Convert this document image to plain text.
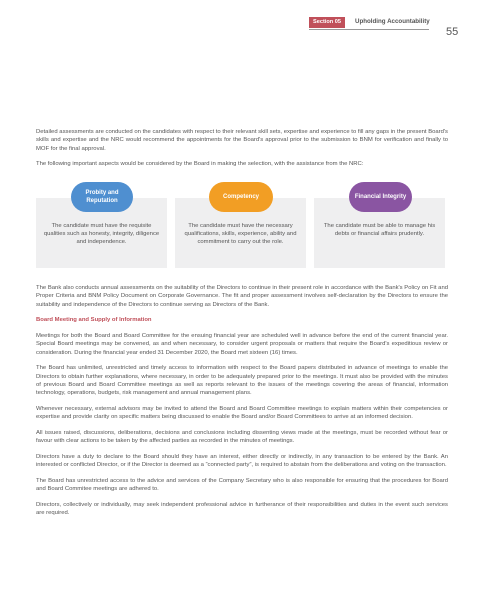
Section 05	Upholding Accountability
55

Detailed assessments are conducted on the candidates with respect to their relevant skill sets, expertise and experience to fill any gaps in the present Board's skills and expertise and the NRC would recommend the appointments for the Board's approval prior to the submission to BNM for verification and finally to MOF for the final approval.

The following important aspects would be considered by the Board in making the selection, with the assistance from the NRC:

The candidate must have the requisite qualities such as honesty, integrity, diligence and independence.
The candidate must have the necessary qualifications, skills, experience, ability and commitment to carry out the role.
The candidate must be able to manage his debts or financial affairs prudently.
Probity and Reputation
Competency	Financial Integrity

The Bank also conducts annual assessments on the suitability of the Directors to continue in their present role in accordance with the Bank's Policy on Fit and Proper Criteria and BNM Policy Document on Corporate Governance. The fit and proper assessment involves self-declaration by the Directors to ensure the suitability and independence of the Directors to continue serving as Directors of the Bank.

Board Meeting and Supply of Information

Meetings for both the Board and Board Committee for the ensuing financial year are scheduled well in advance before the end of the current financial year. Special Board meetings may be convened, as and when necessary, to consider urgent proposals or matters that require the Board's expeditious review or consideration. During the financial year ended 31 December 2020, the Board met sixteen (16) times.

The Board has unlimited, unrestricted and timely access to information with respect to the Board papers distributed in advance of meetings to enable the Directors to obtain further explanations, where necessary, in order to be adequately prepared prior to the meetings. It must also be provided with the minutes of previous Board and Board Committee meetings as well as reports relevant to the issues of the meetings covering the areas of financial, information technology, operations, budgets, risk management and annual management plans.

Whenever necessary, external advisors may be invited to attend the Board and Board Committee meetings to explain matters within their competencies or expertise and provide clarity on specific matters being discussed to enable the Board and/or Board Committees to arrive at an informed decision.

All issues raised, discussions, deliberations, decisions and conclusions including dissenting views made at the meetings, must be recorded without fear or favour with clear actions to be taken by the affected parties as recorded in the minutes of meetings.

Directors have a duty to declare to the Board should they have an interest, either directly or indirectly, in any transaction to be entered by the Bank. An interested or conflicted Director, or if the Director is deemed as a “connected party”, is required to abstain from the deliberations and voting on the transaction.

The Board has unrestricted access to the advice and services of the Company Secretary who is also responsible for ensuring that the procedures for Board and Board Commitee meetings are adhered to.

Directors, collectively or individually, may seek independent professional advice in furtherance of their responsibilities and duties in the event such services are required.
